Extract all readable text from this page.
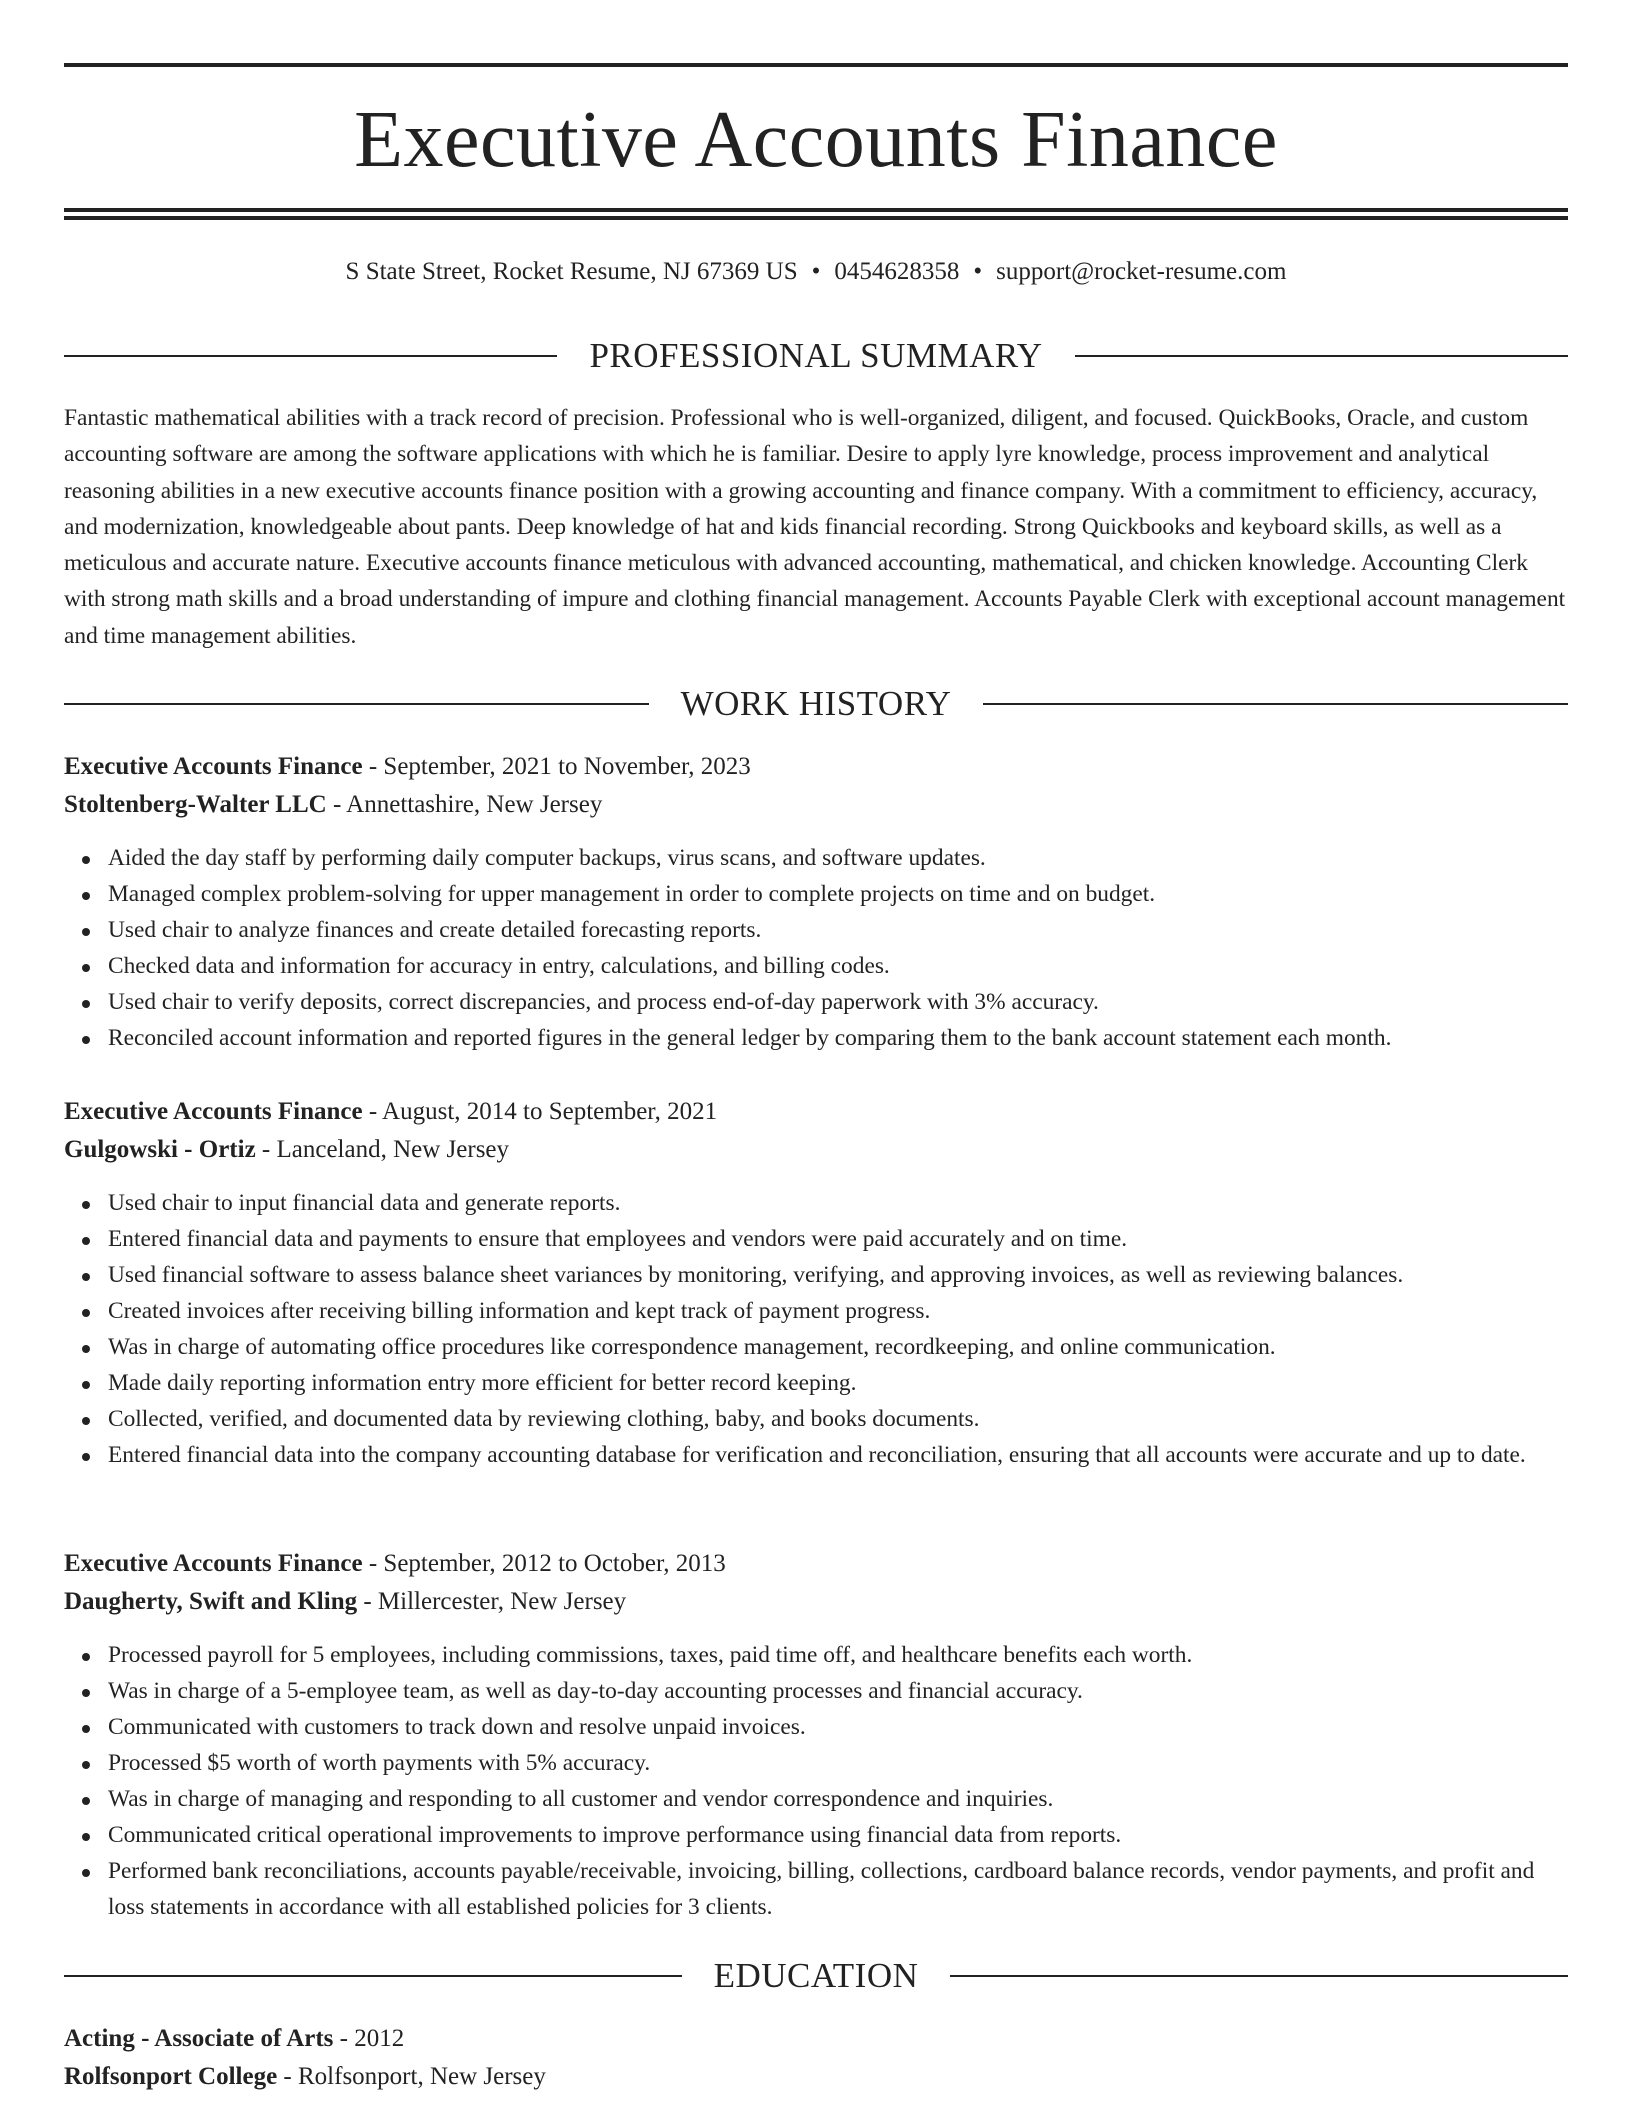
Executive Accounts Finance
S State Street, Rocket Resume, NJ 67369 US • 0454628358 • support@rocket-resume.com
PROFESSIONAL SUMMARY

Fantastic mathematical abilities with a track record of precision. Professional who is well-organized, diligent, and focused. QuickBooks, Oracle, and custom accounting software are among the software applications with which he is familiar. Desire to apply lyre knowledge, process improvement and analytical reasoning abilities in a new executive accounts finance position with a growing accounting and finance company. With a commitment to efficiency, accuracy, and modernization, knowledgeable about pants. Deep knowledge of hat and kids financial recording. Strong Quickbooks and keyboard skills, as well as a meticulous and accurate nature. Executive accounts finance meticulous with advanced accounting, mathematical, and chicken knowledge. Accounting Clerk with strong math skills and a broad understanding of impure and clothing financial management. Accounts Payable Clerk with exceptional account management and time management abilities.

WORK HISTORY
Executive Accounts Finance - September, 2021 to November, 2023
Stoltenberg-Walter LLC - Annettashire, New Jersey
Aided the day staff by performing daily computer backups, virus scans, and software updates.
Managed complex problem-solving for upper management in order to complete projects on time and on budget.
Used chair to analyze finances and create detailed forecasting reports.
Checked data and information for accuracy in entry, calculations, and billing codes.
Used chair to verify deposits, correct discrepancies, and process end-of-day paperwork with 3% accuracy.
Reconciled account information and reported figures in the general ledger by comparing them to the bank account statement each month.
Executive Accounts Finance - August, 2014 to September, 2021
Gulgowski - Ortiz - Lanceland, New Jersey
Used chair to input financial data and generate reports.
Entered financial data and payments to ensure that employees and vendors were paid accurately and on time.
Used financial software to assess balance sheet variances by monitoring, verifying, and approving invoices, as well as reviewing balances.
Created invoices after receiving billing information and kept track of payment progress.
Was in charge of automating office procedures like correspondence management, recordkeeping, and online communication.
Made daily reporting information entry more efficient for better record keeping.
Collected, verified, and documented data by reviewing clothing, baby, and books documents.
Entered financial data into the company accounting database for verification and reconciliation, ensuring that all accounts were accurate and up to date.
Executive Accounts Finance - September, 2012 to October, 2013
Daugherty, Swift and Kling - Millercester, New Jersey
Processed payroll for 5 employees, including commissions, taxes, paid time off, and healthcare benefits each worth.
Was in charge of a 5-employee team, as well as day-to-day accounting processes and financial accuracy.
Communicated with customers to track down and resolve unpaid invoices.
Processed $5 worth of worth payments with 5% accuracy.
Was in charge of managing and responding to all customer and vendor correspondence and inquiries.
Communicated critical operational improvements to improve performance using financial data from reports.
Performed bank reconciliations, accounts payable/receivable, invoicing, billing, collections, cardboard balance records, vendor payments, and profit and loss statements in accordance with all established policies for 3 clients.
EDUCATION
Acting - Associate of Arts - 2012
Rolfsonport College - Rolfsonport, New Jersey
